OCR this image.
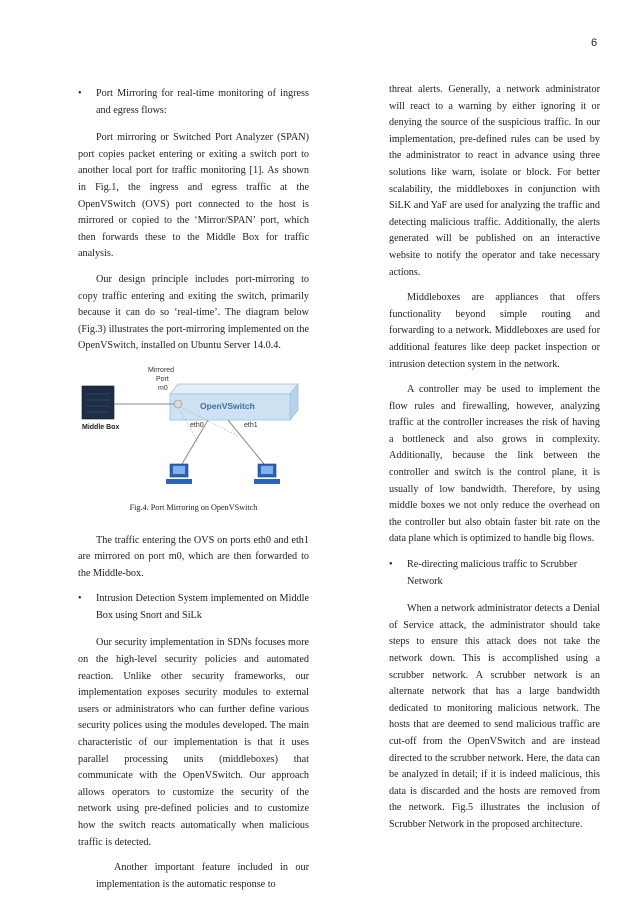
6
• Port Mirroring for real-time monitoring of ingress and egress flows:

Port mirroring or Switched Port Analyzer (SPAN) port copies packet entering or exiting a switch port to another local port for traffic monitoring [1]. As shown in Fig.1, the ingress and egress traffic at the OpenVSwitch (OVS) port connected to the host is mirrored or copied to the ‘Mirror/SPAN’ port, which then forwards these to the Middle Box for traffic analysis.

Our design principle includes port-mirroring to copy traffic entering and exiting the switch, primarily because it can do so ‘real-time’. The diagram below (Fig.3) illustrates the port-mirroring implemented on the OpenVSwitch, installed on Ubuntu Server 14.0.4.

OpenVSwitch
Mirrored
Port
m0
Middle Box	eth0	eth1
Fig.4. Port Mirroring on OpenVSwitch

The traffic entering the OVS on ports eth0 and eth1 are mirrored on port m0, which are then forwarded to the Middle-box.

• Intrusion Detection System implemented on Middle Box using Snort and SiLk

Our security implementation in SDNs focuses more on the high-level security policies and automated reaction. Unlike other security frameworks, our implementation exposes security modules to external users or administrators who can further define various security polices using the modules developed. The main characteristic of our implementation is that it uses parallel processing units (middleboxes) that communicate with the OpenVSwitch. Our approach allows operators to customize the security of the network using pre-defined policies and to customize how the switch reacts automatically when malicious traffic is detected.

Another important feature included in our implementation is the automatic response to

threat alerts. Generally, a network administrator will react to a warning by either ignoring it or denying the source of the suspicious traffic. In our implementation, pre-defined rules can be used by the administrator to react in advance using three solutions like warn, isolate or block. For better scalability, the middleboxes in conjunction with SiLK and YaF are used for analyzing the traffic and detecting malicious traffic. Additionally, the alerts generated will be published on an interactive website to notify the operator and take necessary actions.

Middleboxes are appliances that offers functionality beyond simple routing and forwarding to a network. Middleboxes are used for additional features like deep packet inspection or intrusion detection system in the network.

A controller may be used to implement the flow rules and firewalling, however, analyzing traffic at the controller increases the risk of having a bottleneck and also grows in complexity. Additionally, because the link between the controller and switch is the control plane, it is usually of low bandwidth. Therefore, by using middle boxes we not only reduce the overhead on the controller but also obtain faster bit rate on the data plane which is optimized to handle big flows.

• Re-directing malicious traffic to Scrubber Network

When a network administrator detects a Denial of Service attack, the administrator should take steps to ensure this attack does not take the network down. This is accomplished using a scrubber network. A scrubber network is an alternate network that has a large bandwidth dedicated to monitoring malicious network. The hosts that are deemed to send malicious traffic are cut-off from the OpenVSwitch and are instead directed to the scrubber network. Here, the data can be analyzed in detail; if it is indeed malicious, this data is discarded and the hosts are removed from the network. Fig.5 illustrates the inclusion of Scrubber Network in the proposed architecture.
